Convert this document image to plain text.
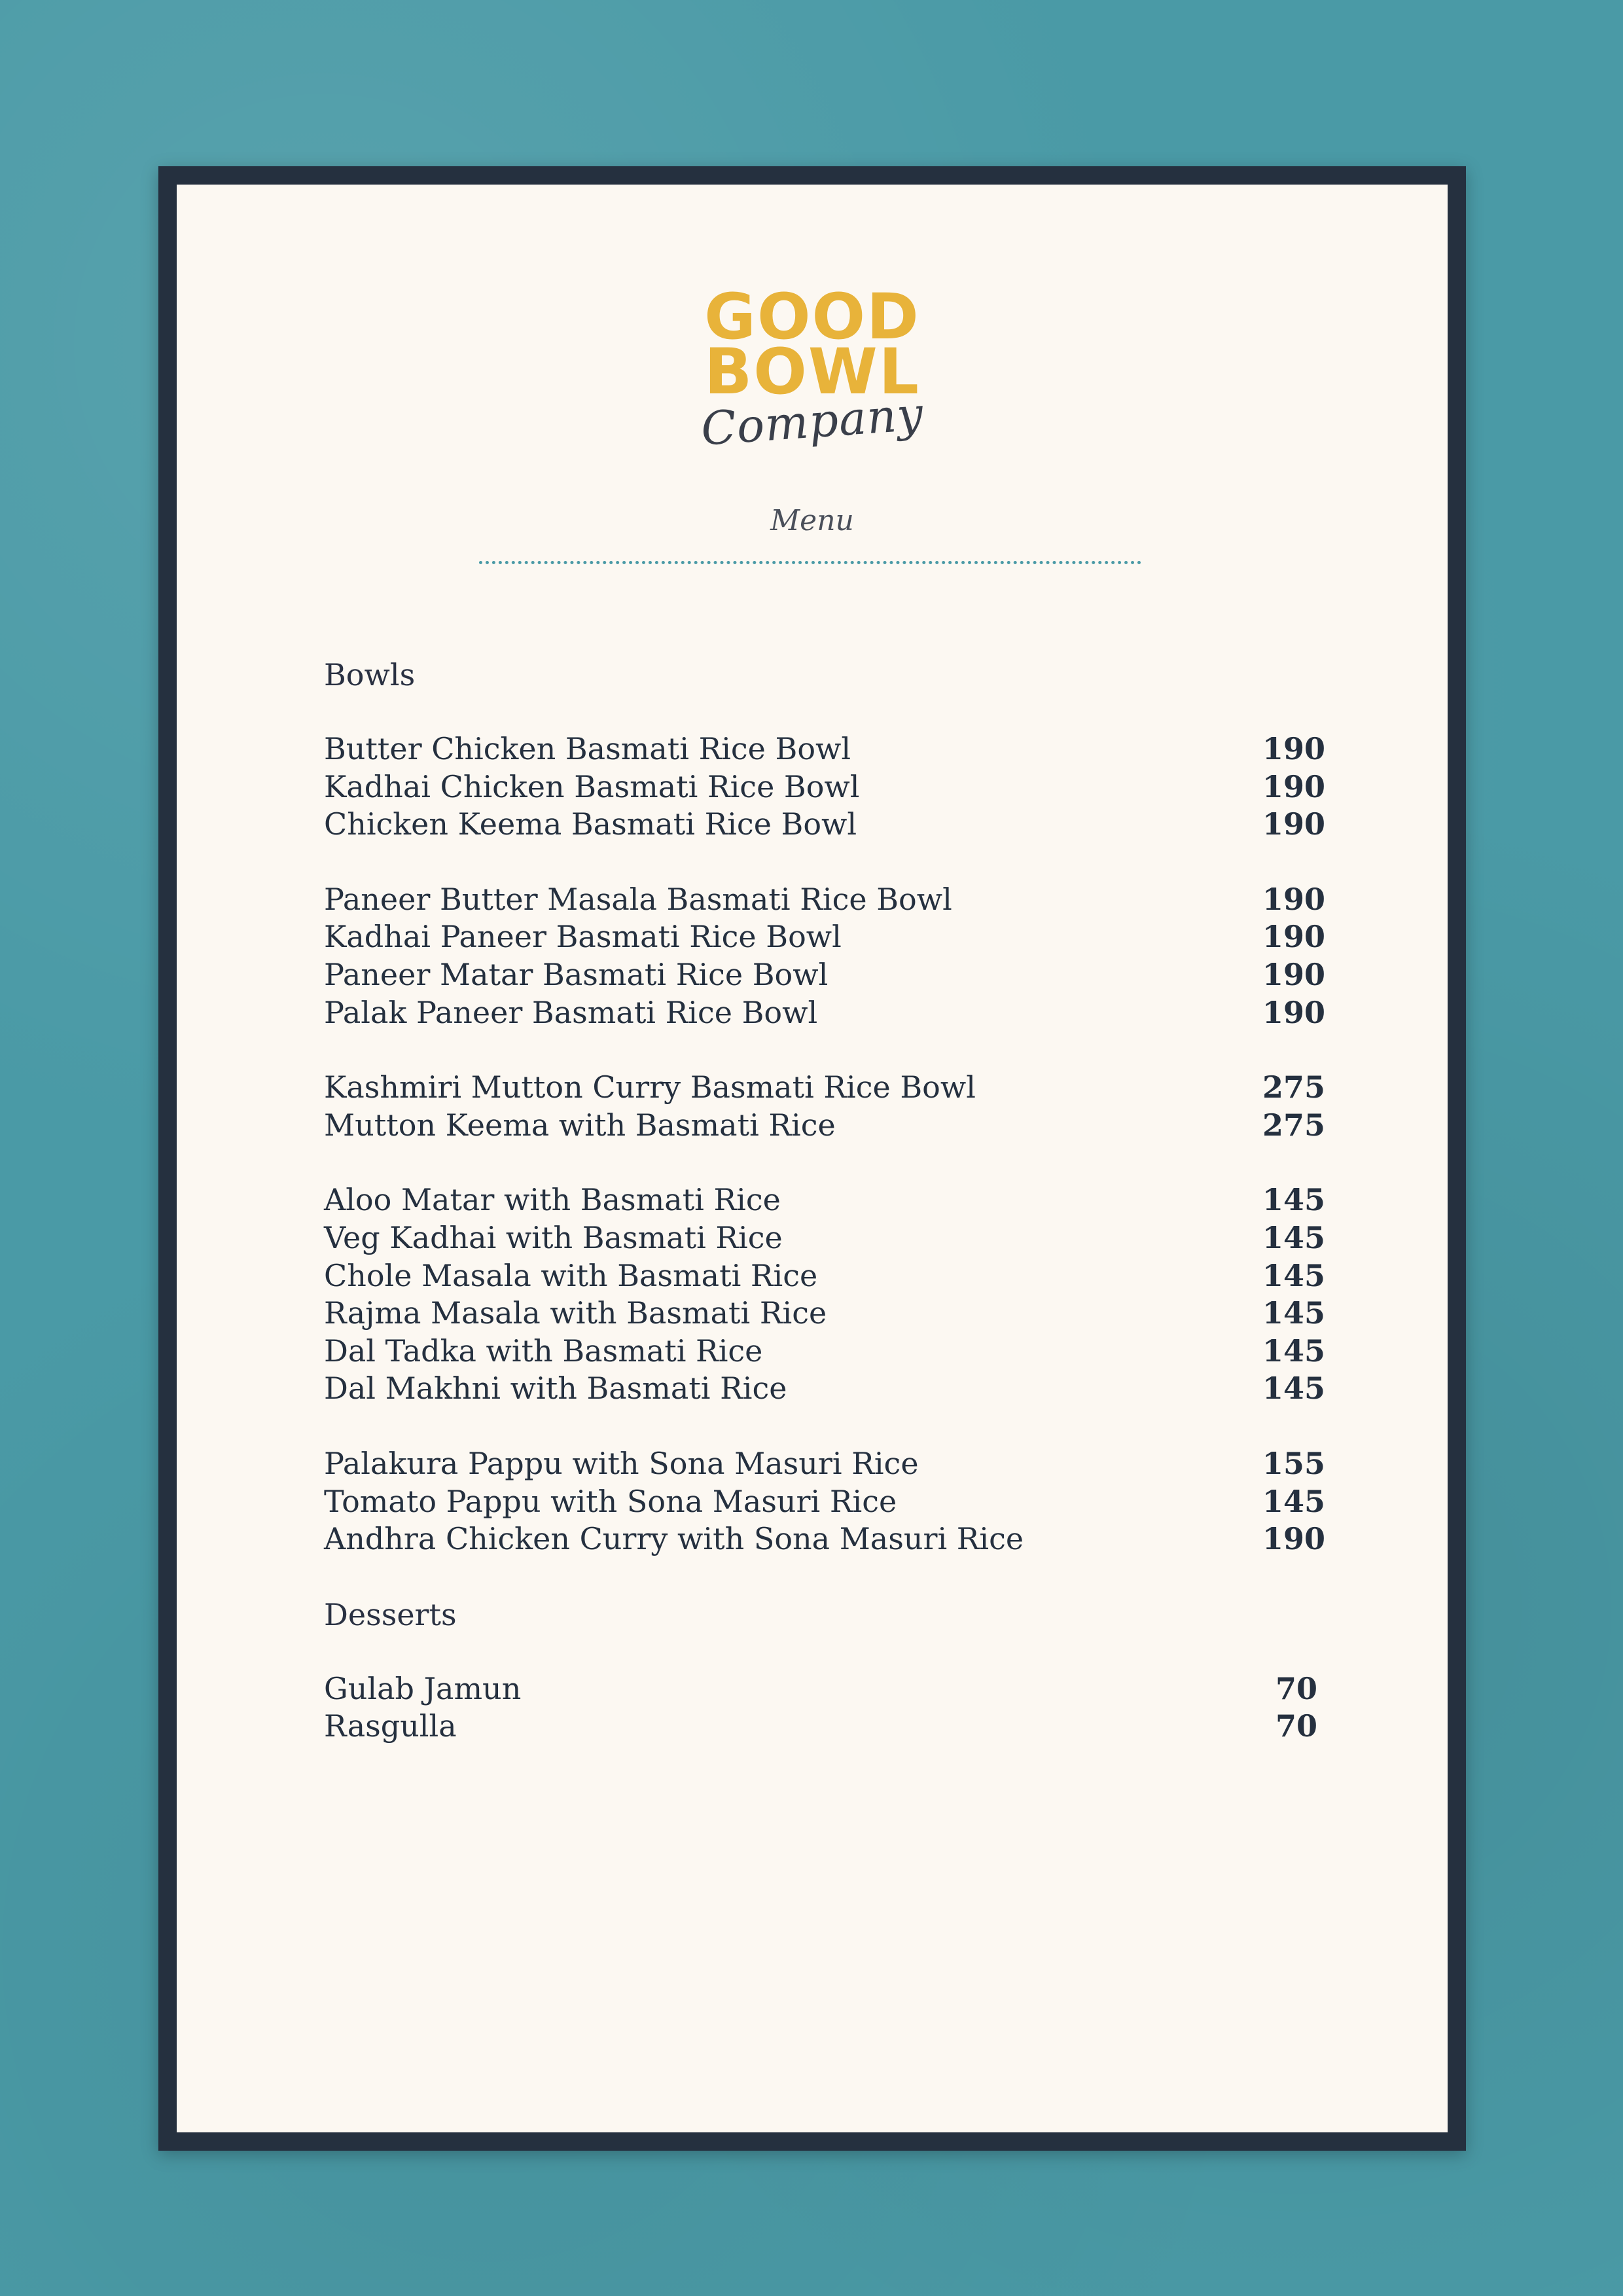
GOOD
BOWL
Company
Menu
Bowls
Butter Chicken Basmati Rice Bowl	190
Kadhai Chicken Basmati Rice Bowl	190
Chicken Keema Basmati Rice Bowl	190
Paneer Butter Masala Basmati Rice Bowl	190
Kadhai Paneer Basmati Rice Bowl	190
Paneer Matar Basmati Rice Bowl	190
Palak Paneer Basmati Rice Bowl	190
Kashmiri Mutton Curry Basmati Rice Bowl	275
Mutton Keema with Basmati Rice	275
Aloo Matar with Basmati Rice	145
Veg Kadhai with Basmati Rice	145
Chole Masala with Basmati Rice	145
Rajma Masala with Basmati Rice	145
Dal Tadka with Basmati Rice	145
Dal Makhni with Basmati Rice	145
Palakura Pappu with Sona Masuri Rice	155
Tomato Pappu with Sona Masuri Rice	145
Andhra Chicken Curry with Sona Masuri Rice	190
Desserts
Gulab Jamun	70
Rasgulla	70
